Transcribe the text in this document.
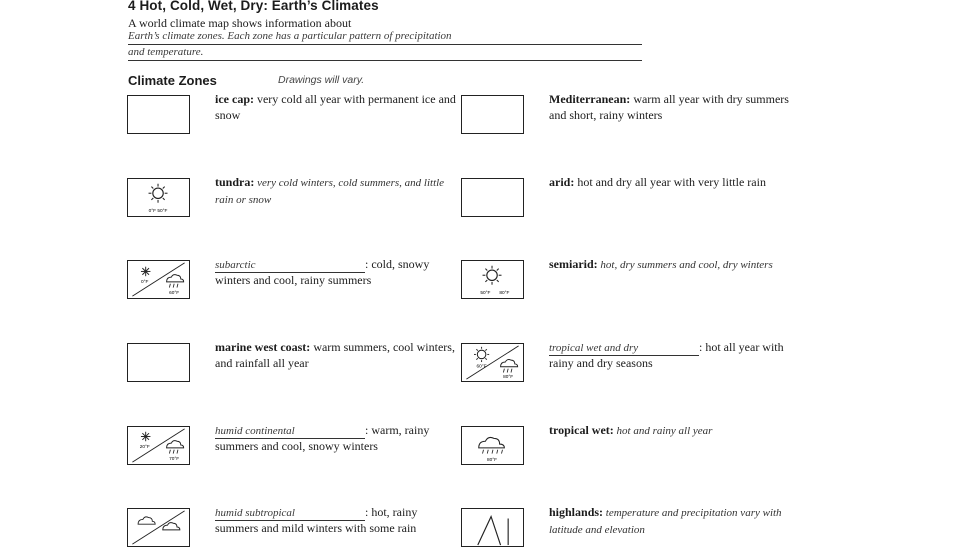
4 Hot, Cold, Wet, Dry: Earth’s Climates

A world climate map shows information about

Earth’s climate zones. Each zone has a particular pattern of precipitation
and temperature.
Climate Zones	Drawings will vary.

ice cap: very cold all year with permanent ice and snow

0°F 50°F

tundra: very cold winters, cold summers, and little rain or snow

0°F
60°F

subarctic	: cold, snowy winters and cool, rainy summers

marine west coast: warm summers, cool winters, and rainfall all year

20°F
70°F

humid continental	: warm, rainy summers and cool, snowy winters

humid subtropical	: hot, rainy summers and mild winters with some rain

Mediterranean: warm all year with dry summers and short, rainy winters

arid: hot and dry all year with very little rain

50°F 80°F

semiarid: hot, dry summers and cool, dry winters

60°F
80°F

tropical wet and dry	: hot all year with rainy and dry seasons

80°F

tropical wet: hot and rainy all year

highlands: temperature and precipitation vary with latitude and elevation
